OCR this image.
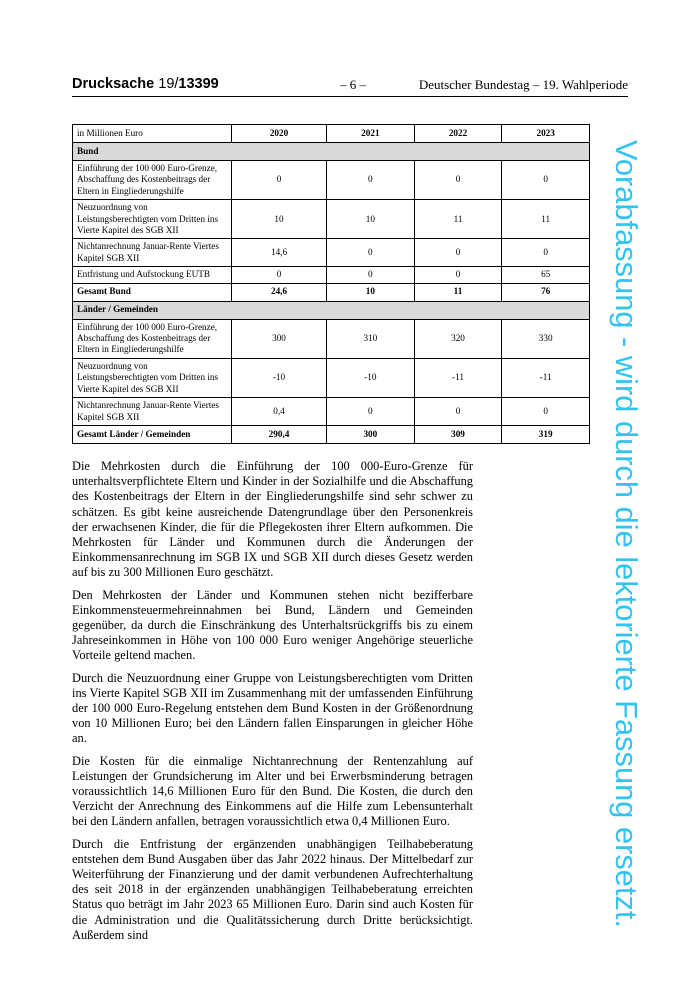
Drucksache 19/13399	– 6 –	Deutscher Bundestag – 19. Wahlperiode
in Millionen Euro	2020	2021	2022	2023
Bund				
Einführung der 100 000 Euro-Grenze, Abschaffung des Kostenbeitrags der Eltern in Eingliederungshilfe	0	0	0	0
Neuzuordnung von Leistungsberechtigten vom Dritten ins Vierte Kapitel des SGB XII	10	10	11	11
Nichtanrechnung Januar-Rente Viertes Kapitel SGB XII	14,6	0	0	0
Entfristung und Aufstockung EUTB	0	0	0	65
Gesamt Bund	24,6	10	11	76
Länder / Gemeinden				
Einführung der 100 000 Euro-Grenze, Abschaffung des Kostenbeitrags der Eltern in Eingliederungshilfe	300	310	320	330
Neuzuordnung von Leistungsberechtigten vom Dritten ins Vierte Kapitel des SGB XII	-10	-10	-11	-11
Nichtanrechnung Januar-Rente Viertes Kapitel SGB XII	0,4	0	0	0
Gesamt Länder / Gemeinden	290,4	300	309	319

Die Mehrkosten durch die Einführung der 100 000-Euro-Grenze für unterhaltsverpflichtete Eltern und Kinder in der Sozialhilfe und die Abschaffung des Kostenbeitrags der Eltern in der Eingliederungshilfe sind sehr schwer zu schätzen. Es gibt keine ausreichende Datengrundlage über den Personenkreis der erwachsenen Kinder, die für die Pflegekosten ihrer Eltern aufkommen. Die Mehrkosten für Länder und Kommunen durch die Änderungen der Einkommensanrechnung im SGB IX und SGB XII durch dieses Gesetz werden auf bis zu 300 Millionen Euro geschätzt.

Den Mehrkosten der Länder und Kommunen stehen nicht bezifferbare Einkommensteuermehreinnahmen bei Bund, Ländern und Gemeinden gegenüber, da durch die Einschränkung des Unterhaltsrückgriffs bis zu einem Jahreseinkommen in Höhe von 100 000 Euro weniger Angehörige steuerliche Vorteile geltend machen.

Durch die Neuzuordnung einer Gruppe von Leistungsberechtigten vom Dritten ins Vierte Kapitel SGB XII im Zusammenhang mit der umfassenden Einführung der 100 000 Euro-Regelung entstehen dem Bund Kosten in der Größenordnung von 10 Millionen Euro; bei den Ländern fallen Einsparungen in gleicher Höhe an.

Die Kosten für die einmalige Nichtanrechnung der Rentenzahlung auf Leistungen der Grundsicherung im Alter und bei Erwerbsminderung betragen voraussichtlich 14,6 Millionen Euro für den Bund. Die Kosten, die durch den Verzicht der Anrechnung des Einkommens auf die Hilfe zum Lebensunterhalt bei den Ländern anfallen, betragen voraussichtlich etwa 0,4 Millionen Euro.

Durch die Entfristung der ergänzenden unabhängigen Teilhabeberatung entstehen dem Bund Ausgaben über das Jahr 2022 hinaus. Der Mittelbedarf zur Weiterführung der Finanzierung und der damit verbundenen Aufrechterhaltung des seit 2018 in der ergänzenden unabhängigen Teilhabeberatung erreichten Status quo beträgt im Jahr 2023 65 Millionen Euro. Darin sind auch Kosten für die Administration und die Qualitätssicherung durch Dritte berücksichtigt. Außerdem sind

Vorabfassung - wird durch die lektorierte Fassung ersetzt.
